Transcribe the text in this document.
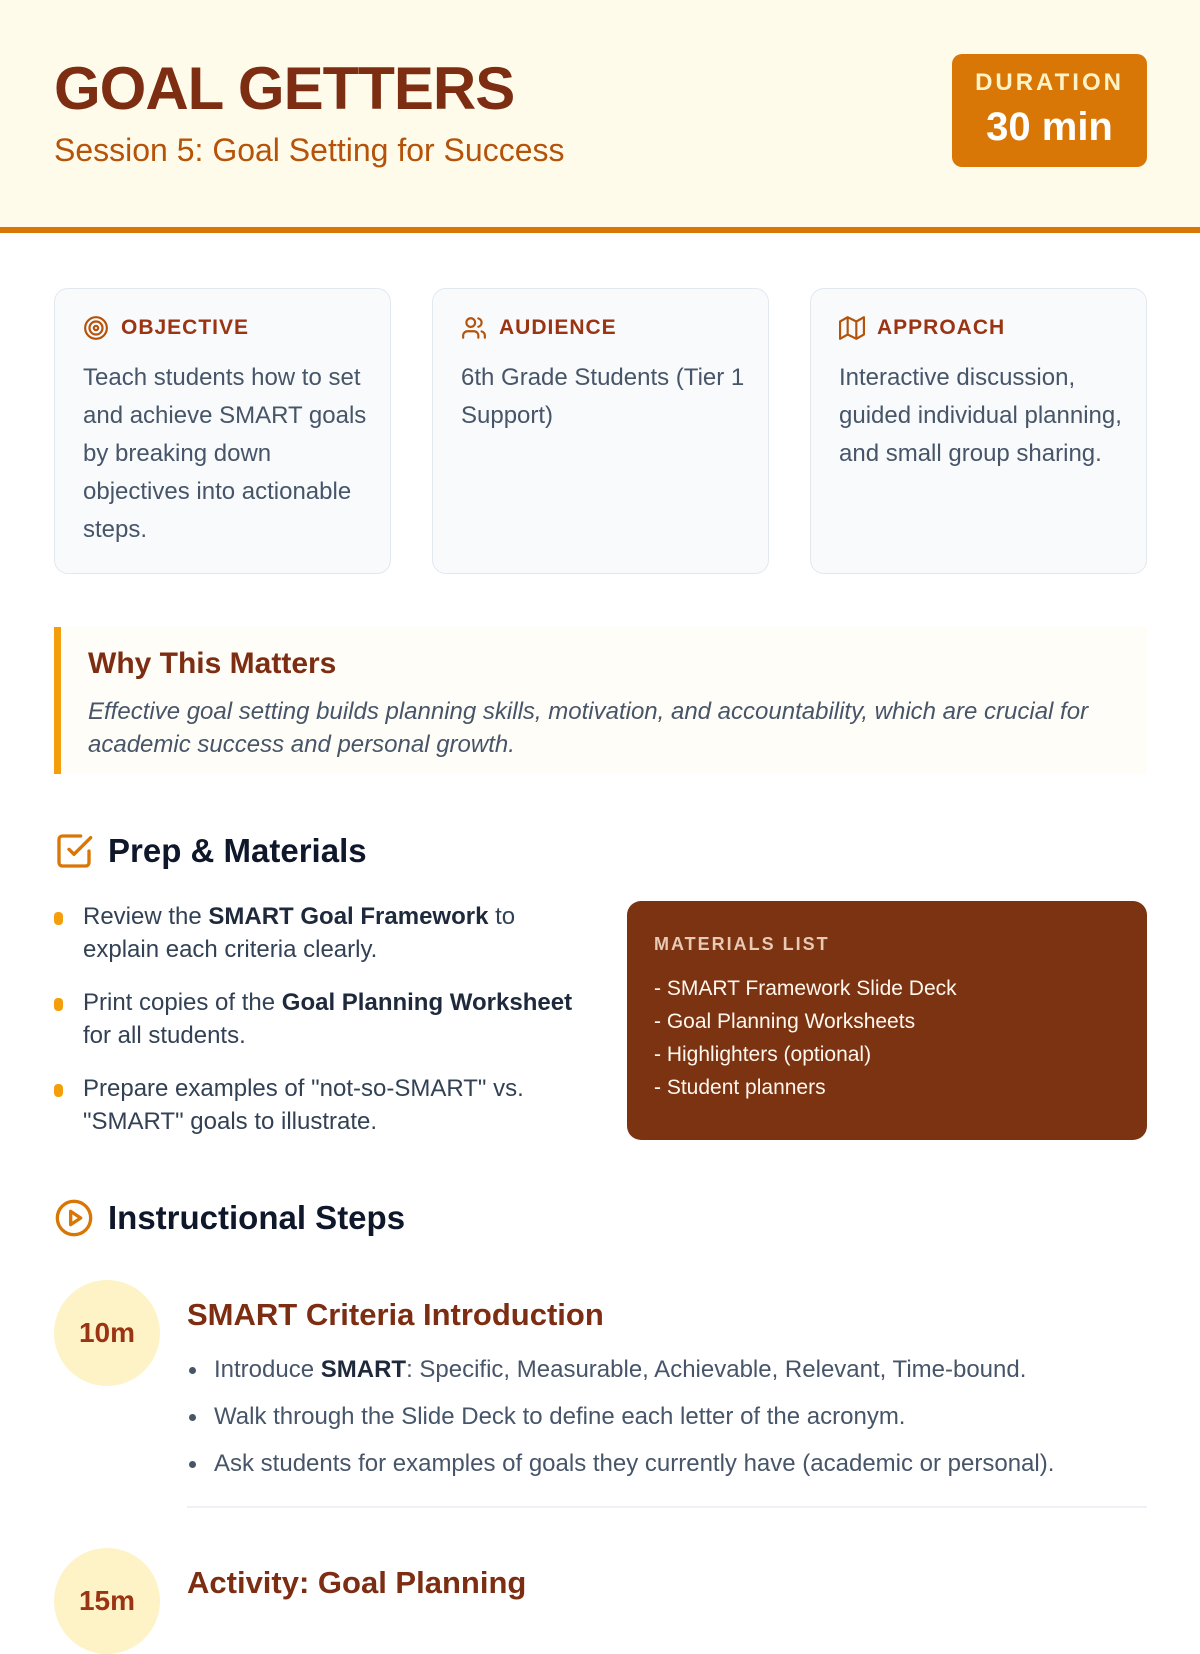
GOAL GETTERS
Session 5: Goal Setting for Success
DURATION
30 min
OBJECTIVE
Teach students how to set and achieve SMART goals by breaking down objectives into actionable steps.
AUDIENCE
6th Grade Students (Tier 1 Support)
APPROACH
Interactive discussion, guided individual planning, and small group sharing.
Why This Matters

Effective goal setting builds planning skills, motivation, and accountability, which are crucial for academic success and personal growth.

Prep & Materials
Review the SMART Goal Framework to explain each criteria clearly.
Print copies of the Goal Planning Worksheet for all students.
Prepare examples of "not-so-SMART" vs. "SMART" goals to illustrate.
MATERIALS LIST
- SMART Framework Slide Deck
- Goal Planning Worksheets
- Highlighters (optional)
- Student planners
Instructional Steps
10m
SMART Criteria Introduction
Introduce SMART: Specific, Measurable, Achievable, Relevant, Time-bound.
Walk through the Slide Deck to define each letter of the acronym.
Ask students for examples of goals they currently have (academic or personal).
15m
Activity: Goal Planning
